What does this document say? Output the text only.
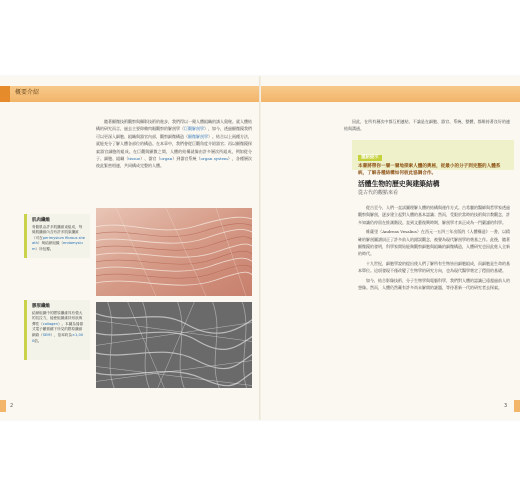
概要介紹

隨著顯微技術觀察與攝影技術的進步，我們得以一窺人體組織的誘人奧秘。就人體結構的研究而言，過去主要仰賴肉眼觀察的解剖學（巨觀解剖學），如今，透過顯微鏡我們可以更深入細胞、組織與器官內部，觀察細微構造（顯微解剖學）。結合以上兩種方法，就能充分了解人體各部位的構造。在本章中，我們會從巨觀角度介紹器官；再以顯微鏡探索器官細胞的組成。在巨觀與顯微之間，人體的結構就像由許多層次所組成，例如從分子、細胞、組織（tissue）、器官（organ）到器官系統（organ system），各種層次彼此緊密相連，共同構成完整的人體。

肌肉纖維
骨骼肌由許多肌纖維束組成，每條肌纖維內含有許多肌原纖維（可在perimysium fibrous sheath）與結締組織（endomysium）所包覆。
膠原纖維
結締組織中的膠原纖維具有強大的抗拉力，能使組織維持形狀與彈性（collagen）。本圖為掃描式電子顯微鏡下所見的膠原纖維網絡（SEM），倍率約為×1,000倍。
2

因此，在所有層次中都互相連結，不論是在細胞、器官、系統、整體，都維持著良好的連結與溝通。

重點提示
本書將帶你一層一層地探索人體的奧秘，從最小的分子到完整的人體系統，了解各種結構如何彼此協調合作。
活體生物的歷史與建築結構
從古代的觀點來看

從古至今，人們一直試圖理解人體的結構與運作方式。古希臘的醫師與哲學家透過觀察與解剖，逐步建立起對人體的基本認識；然而，受限於當時的技術與宗教觀念，許多知識仍停留在推測階段。直到文藝復興時期，解剖學才真正成為一門嚴謹的科學。

維薩里（Andreas Vesalius）在西元一五四三年出版的《人體構造》一書，以精確的解剖圖譜糾正了許多前人的錯誤觀念，被譽為現代解剖學的奠基之作。此後，隨著顯微鏡的發明，科學家開始能夠觀察細胞與組織的細微構造，人體研究也因此進入全新的時代。

十九世紀，細胞學說的提出使人們了解所有生物皆由細胞組成，而細胞是生命的基本單位。這項發現不僅改變了生物學的研究方向，也為現代醫學奠定了穩固的基礎。

如今，結合影像技術、分子生物學與電腦科學，我們對人體的認識已遠超過前人的想像。然而，人體仍然藏有許多尚未解開的謎題，等待著新一代的研究者去探索。

3
